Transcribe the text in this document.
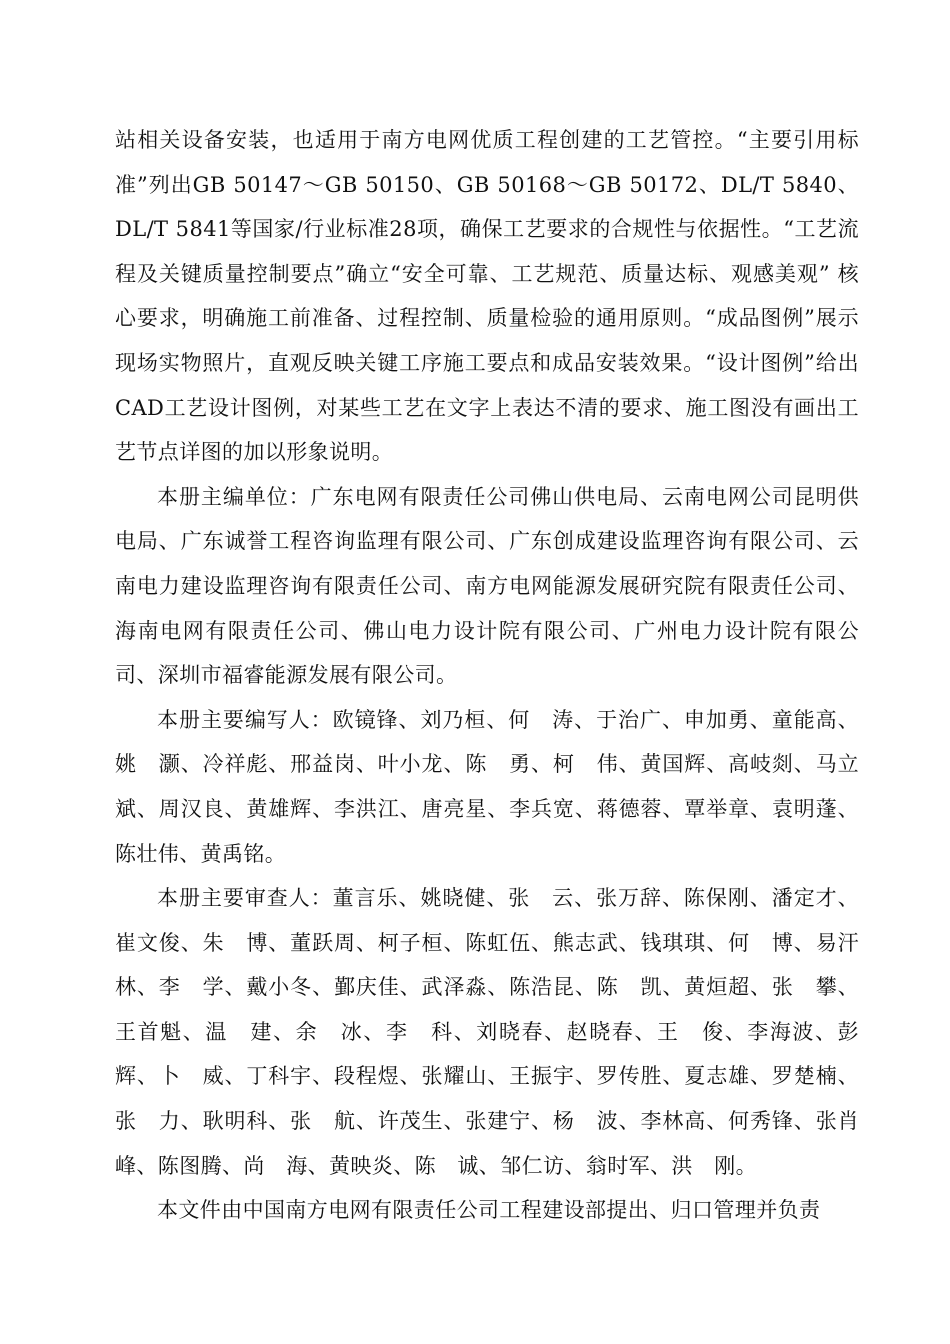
站相关设备安装，也适用于南方电网优质工程创建的工艺管控。“主要引用标准”列出GB 50147～GB 50150、GB 50168～GB 50172、DL/T 5840、DL/T 5841等国家/行业标准28项，确保工艺要求的合规性与依据性。“工艺流程及关键质量控制要点”确立“安全可靠、工艺规范、质量达标、观感美观” 核心要求，明确施工前准备、过程控制、质量检验的通用原则。“成品图例”展示现场实物照片，直观反映关键工序施工要点和成品安装效果。“设计图例”给出CAD工艺设计图例，对某些工艺在文字上表达不清的要求、施工图没有画出工艺节点详图的加以形象说明。

本册主编单位：广东电网有限责任公司佛山供电局、云南电网公司昆明供电局、广东诚誉工程咨询监理有限公司、广东创成建设监理咨询有限公司、云南电力建设监理咨询有限责任公司、南方电网能源发展研究院有限责任公司、海南电网有限责任公司、佛山电力设计院有限公司、广州电力设计院有限公司、深圳市福睿能源发展有限公司。

本册主要编写人：欧镜锋、刘乃桓、何　涛、于治广、申加勇、童能高、姚　灏、冷祥彪、邢益岗、叶小龙、陈　勇、柯　伟、黄国辉、高岐剡、马立斌、周汉良、黄雄辉、李洪江、唐亮星、李兵宽、蒋德蓉、覃举章、袁明蓬、陈壮伟、黄禹铭。

本册主要审查人：董言乐、姚晓健、张　云、张万辞、陈保刚、潘定才、崔文俊、朱　博、董跃周、柯子桓、陈虹伍、熊志武、钱琪琪、何　博、易汗林、李　学、戴小冬、鄞庆佳、武泽淼、陈浩昆、陈　凯、黄烜超、张　攀、王首魁、温　建、余　冰、李　科、刘晓春、赵晓春、王　俊、李海波、彭　辉、卜　威、丁科宇、段程煜、张耀山、王振宇、罗传胜、夏志雄、罗楚楠、张　力、耿明科、张　航、许茂生、张建宁、杨　波、李林高、何秀锋、张肖峰、陈图腾、尚　海、黄映炎、陈　诚、邹仁访、翁时军、洪　刚。

本文件由中国南方电网有限责任公司工程建设部提出、归口管理并负责
